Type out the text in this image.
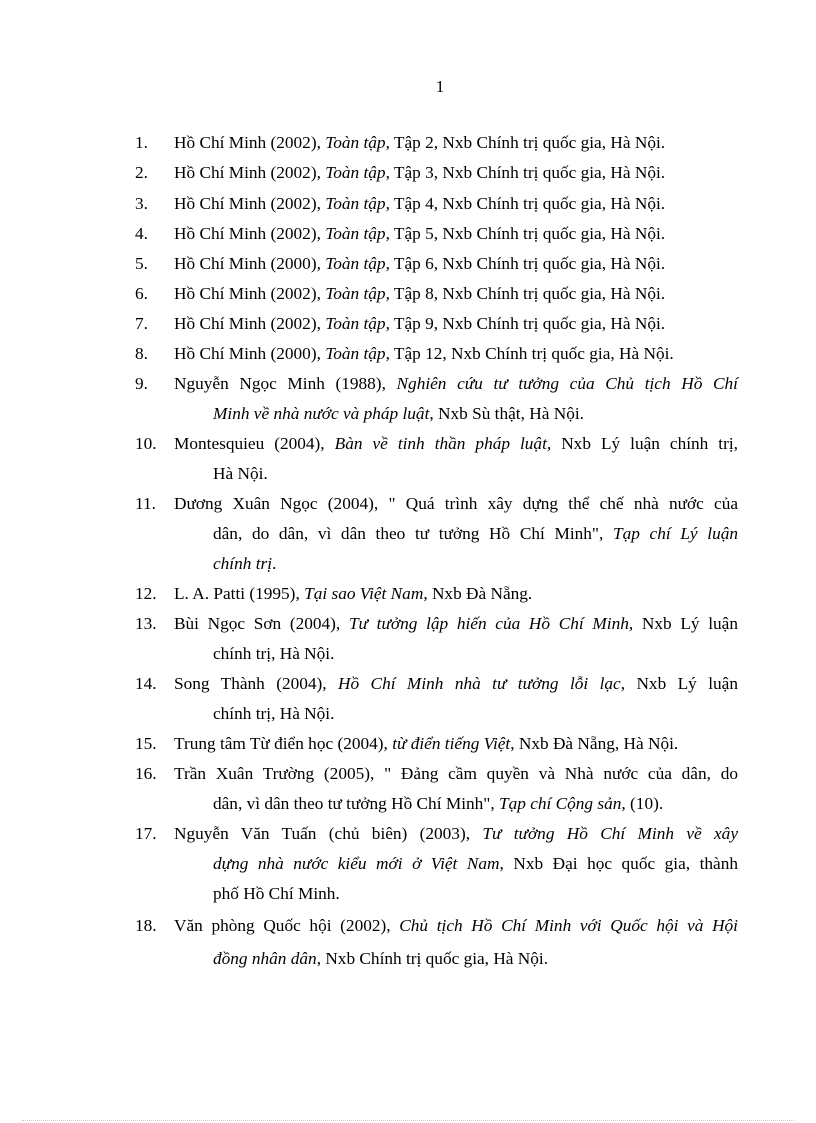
1
1. Hồ Chí Minh (2002), Toàn tập, Tập 2, Nxb Chính trị quốc gia, Hà Nội.
2. Hồ Chí Minh (2002), Toàn tập, Tập 3, Nxb Chính trị quốc gia, Hà Nội.
3. Hồ Chí Minh (2002), Toàn tập, Tập 4, Nxb Chính trị quốc gia, Hà Nội.
4. Hồ Chí Minh (2002), Toàn tập, Tập 5, Nxb Chính trị quốc gia, Hà Nội.
5. Hồ Chí Minh (2000), Toàn tập, Tập 6, Nxb Chính trị quốc gia, Hà Nội.
6. Hồ Chí Minh (2002), Toàn tập, Tập 8, Nxb Chính trị quốc gia, Hà Nội.
7. Hồ Chí Minh (2002), Toàn tập, Tập 9, Nxb Chính trị quốc gia, Hà Nội.
8. Hồ Chí Minh (2000), Toàn tập, Tập 12, Nxb Chính trị quốc gia, Hà Nội.
9. Nguyễn Ngọc Minh (1988), Nghiên cứu tư tưởng của Chủ tịch Hồ Chí
Minh về nhà nước và pháp luật, Nxb Sù thật, Hà Nội.
10. Montesquieu (2004), Bàn về tinh thần pháp luật, Nxb Lý luận chính trị,
Hà Nội.
11. Dương Xuân Ngọc (2004), " Quá trình xây dựng thể chế nhà nước của
dân, do dân, vì dân theo tư tưởng Hồ Chí Minh", Tạp chí Lý luận
chính trị.
12. L. A. Patti (1995), Tại sao Việt Nam, Nxb Đà Nẵng.
13. Bùi Ngọc Sơn (2004), Tư tưởng lập hiến của Hồ Chí Minh, Nxb Lý luận
chính trị, Hà Nội.
14. Song Thành (2004), Hồ Chí Minh nhà tư tưởng lỗi lạc, Nxb Lý luận
chính trị, Hà Nội.
15. Trung tâm Từ điển học (2004), từ điển tiếng Việt, Nxb Đà Nẵng, Hà Nội.
16. Trần Xuân Trường (2005), " Đảng cầm quyền và Nhà nước của dân, do
dân, vì dân theo tư tưởng Hồ Chí Minh", Tạp chí Cộng sản, (10).
17. Nguyễn Văn Tuấn (chủ biên) (2003), Tư tưởng Hồ Chí Minh về xây
dựng nhà nước kiểu mới ở Việt Nam, Nxb Đại học quốc gia, thành
phố Hồ Chí Minh.
18. Văn phòng Quốc hội (2002), Chủ tịch Hồ Chí Minh với Quốc hội và Hội
đồng nhân dân, Nxb Chính trị quốc gia, Hà Nội.
